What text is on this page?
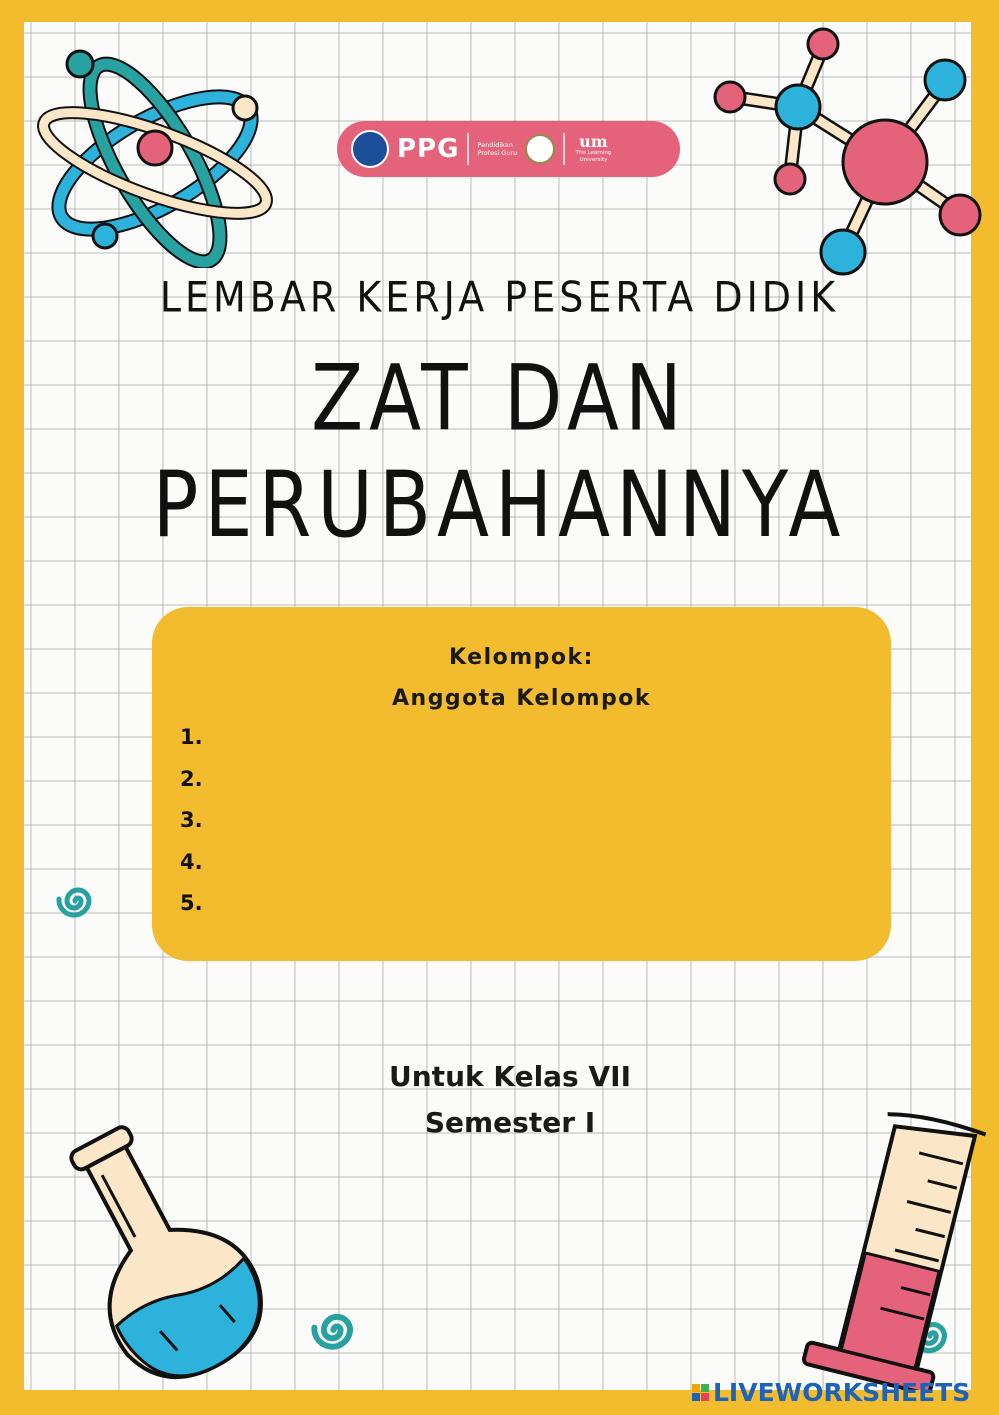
PPG	Pendidikan Profesi Guru
um
The Learning University
LEMBAR KERJA PESERTA DIDIK
ZAT DAN PERUBAHANNYA
Kelompok:
Anggota Kelompok
1.
2.
3.
4.
5.
Untuk Kelas VII
Semester I
LIVEWORKSHEETS
